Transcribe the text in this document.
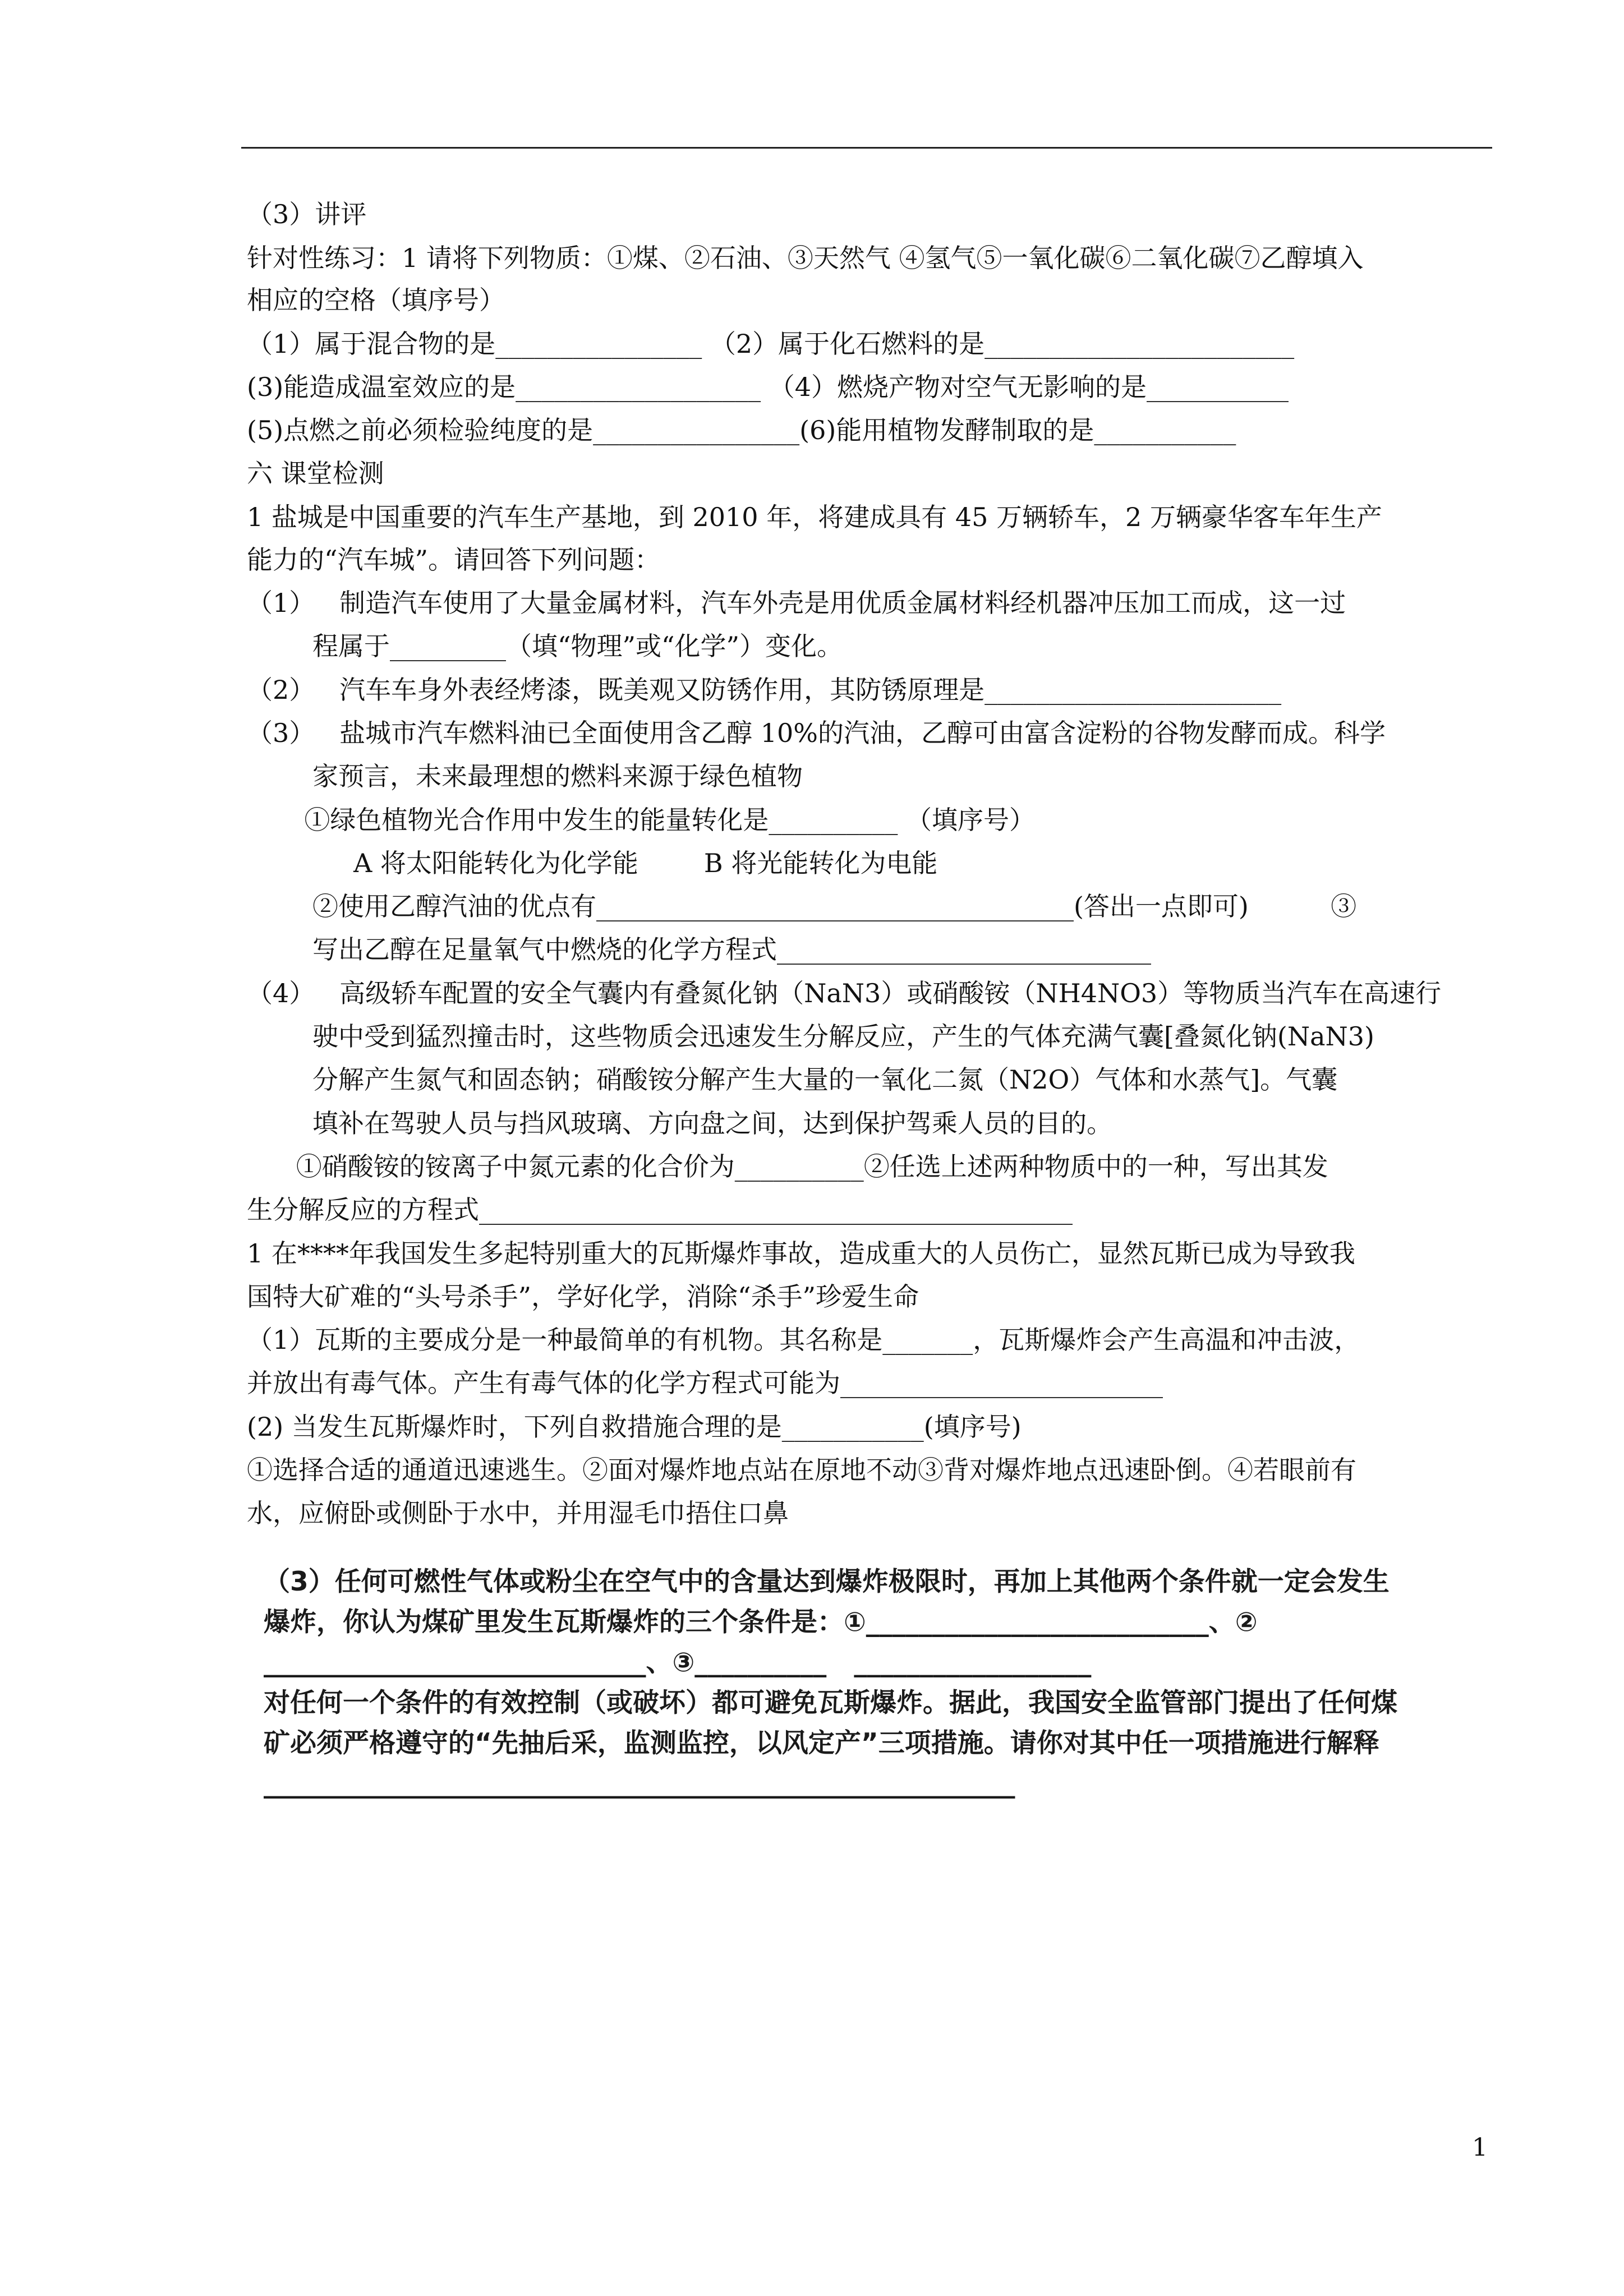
（3）讲评
针对性练习：1 请将下列物质：①煤、②石油、③天然气 ④氢气⑤一氧化碳⑥二氧化碳⑦乙醇填入
相应的空格（填序号）
（1）属于混合物的是________________ （2）属于化石燃料的是________________________
(3)能造成温室效应的是___________________ （4）燃烧产物对空气无影响的是___________
(5)点燃之前必须检验纯度的是________________(6)能用植物发酵制取的是___________
六 课堂检测
1 盐城是中国重要的汽车生产基地，到 2010 年，将建成具有 45 万辆轿车，2 万辆豪华客车年生产
能力的“汽车城”。请回答下列问题：
（1）   制造汽车使用了大量金属材料，汽车外壳是用优质金属材料经机器冲压加工而成，这一过
程属于_________（填“物理”或“化学”）变化。
（2）   汽车车身外表经烤漆，既美观又防锈作用，其防锈原理是_______________________
（3）   盐城市汽车燃料油已全面使用含乙醇 10%的汽油，乙醇可由富含淀粉的谷物发酵而成。科学
家预言，未来最理想的燃料来源于绿色植物
①绿色植物光合作用中发生的能量转化是__________ （填序号）
A 将太阳能转化为化学能        B 将光能转化为电能
②使用乙醇汽油的优点有_____________________________________(答出一点即可)          ③
写出乙醇在足量氧气中燃烧的化学方程式_____________________________
（4）   高级轿车配置的安全气囊内有叠氮化钠（NaN3）或硝酸铵（NH4NO3）等物质当汽车在高速行
驶中受到猛烈撞击时，这些物质会迅速发生分解反应，产生的气体充满气囊[叠氮化钠(NaN3)
分解产生氮气和固态钠；硝酸铵分解产生大量的一氧化二氮（N2O）气体和水蒸气]。气囊
填补在驾驶人员与挡风玻璃、方向盘之间，达到保护驾乘人员的目的。
①硝酸铵的铵离子中氮元素的化合价为__________②任选上述两种物质中的一种，写出其发
生分解反应的方程式______________________________________________
1 在****年我国发生多起特别重大的瓦斯爆炸事故，造成重大的人员伤亡，显然瓦斯已成为导致我
国特大矿难的“头号杀手”，学好化学，消除“杀手”珍爱生命
（1）瓦斯的主要成分是一种最简单的有机物。其名称是_______，瓦斯爆炸会产生高温和冲击波，
并放出有毒气体。产生有毒气体的化学方程式可能为_________________________
(2) 当发生瓦斯爆炸时，下列自救措施合理的是___________(填序号)
①选择合适的通道迅速逃生。②面对爆炸地点站在原地不动③背对爆炸地点迅速卧倒。④若眼前有
水，应俯卧或侧卧于水中，并用湿毛巾捂住口鼻
（3）任何可燃性气体或粉尘在空气中的含量达到爆炸极限时，再加上其他两个条件就一定会发生
爆炸，你认为煤矿里发生瓦斯爆炸的三个条件是：①__________________________、②
_____________________________、③__________   __________________
对任何一个条件的有效控制（或破坏）都可避免瓦斯爆炸。据此，我国安全监管部门提出了任何煤
矿必须严格遵守的“先抽后采，监测监控，以风定产”三项措施。请你对其中任一项措施进行解释
_________________________________________________________
1
